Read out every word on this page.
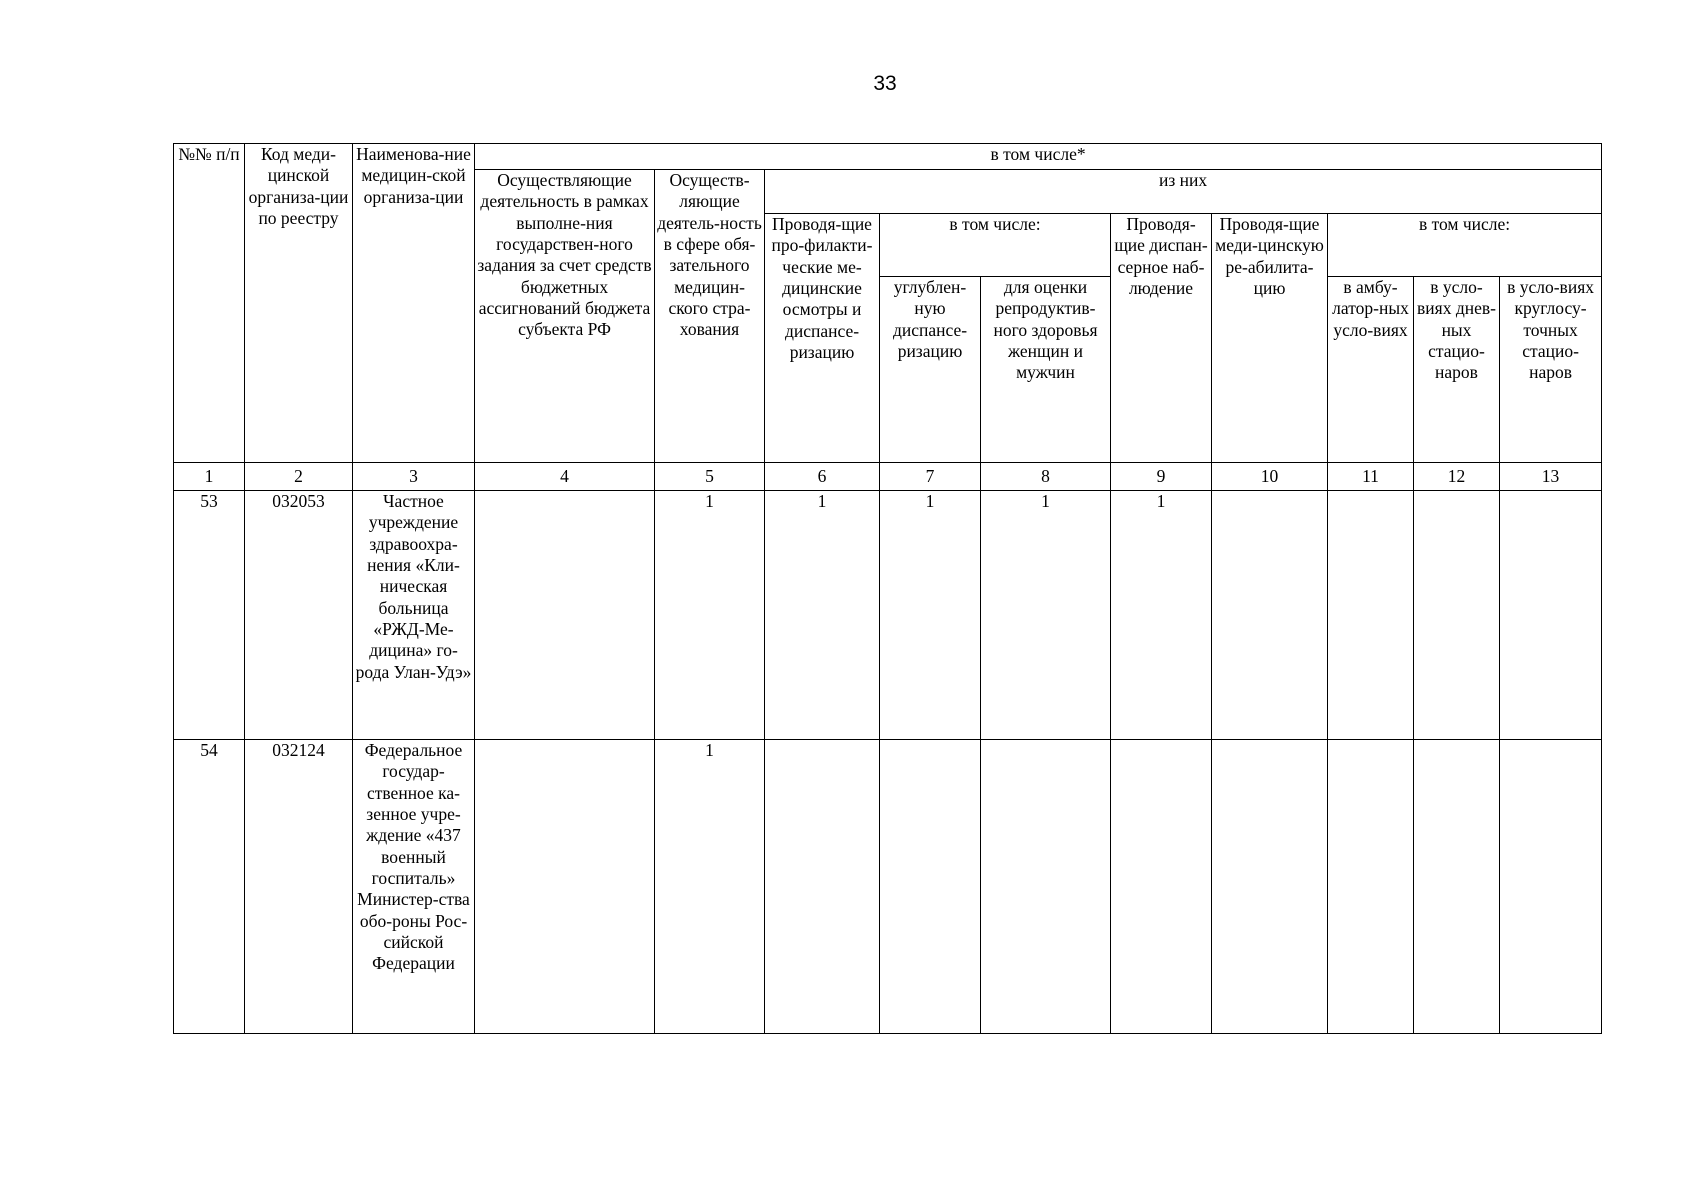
33
№№ п/п	Код меди-цинской организа-ции по реестру	Наименова-ние медицин-ской организа-ции	в том числе*									
			Осуществляющие деятельность в рамках выполне-ния государствен-ного задания за счет средств бюджетных ассигнований бюджета субъекта РФ	Осуществ-ляющие деятель-ность в сфере обя-зательного медицин-ского стра-хования	из них							
					Проводя-щие про-филакти-ческие ме-дицинские осмотры и диспансе-ризацию	в том числе:		Проводя-щие диспан-серное наб-людение	Проводя-щие меди-цинскую ре-абилита-цию	в том числе:		
						углублен-ную диспансе-ризацию	для оценки репродуктив-ного здоровья женщин и мужчин			в амбу-латор-ных усло-виях	в усло-виях днев-ных стацио-наров	в усло-виях круглосу-точных стацио-наров
1	2	3	4	5	6	7	8	9	10	11	12	13
53	032053	Частное учреждение здравоохра-нения «Кли-ническая больница «РЖД-Ме-дицина» го-рода Улан-Удэ»		1	1	1	1	1				
54	032124	Федеральное государ-ственное ка-зенное учре-ждение «437 военный госпиталь» Министер-ства обо-роны Рос-сийской Федерации		1								
